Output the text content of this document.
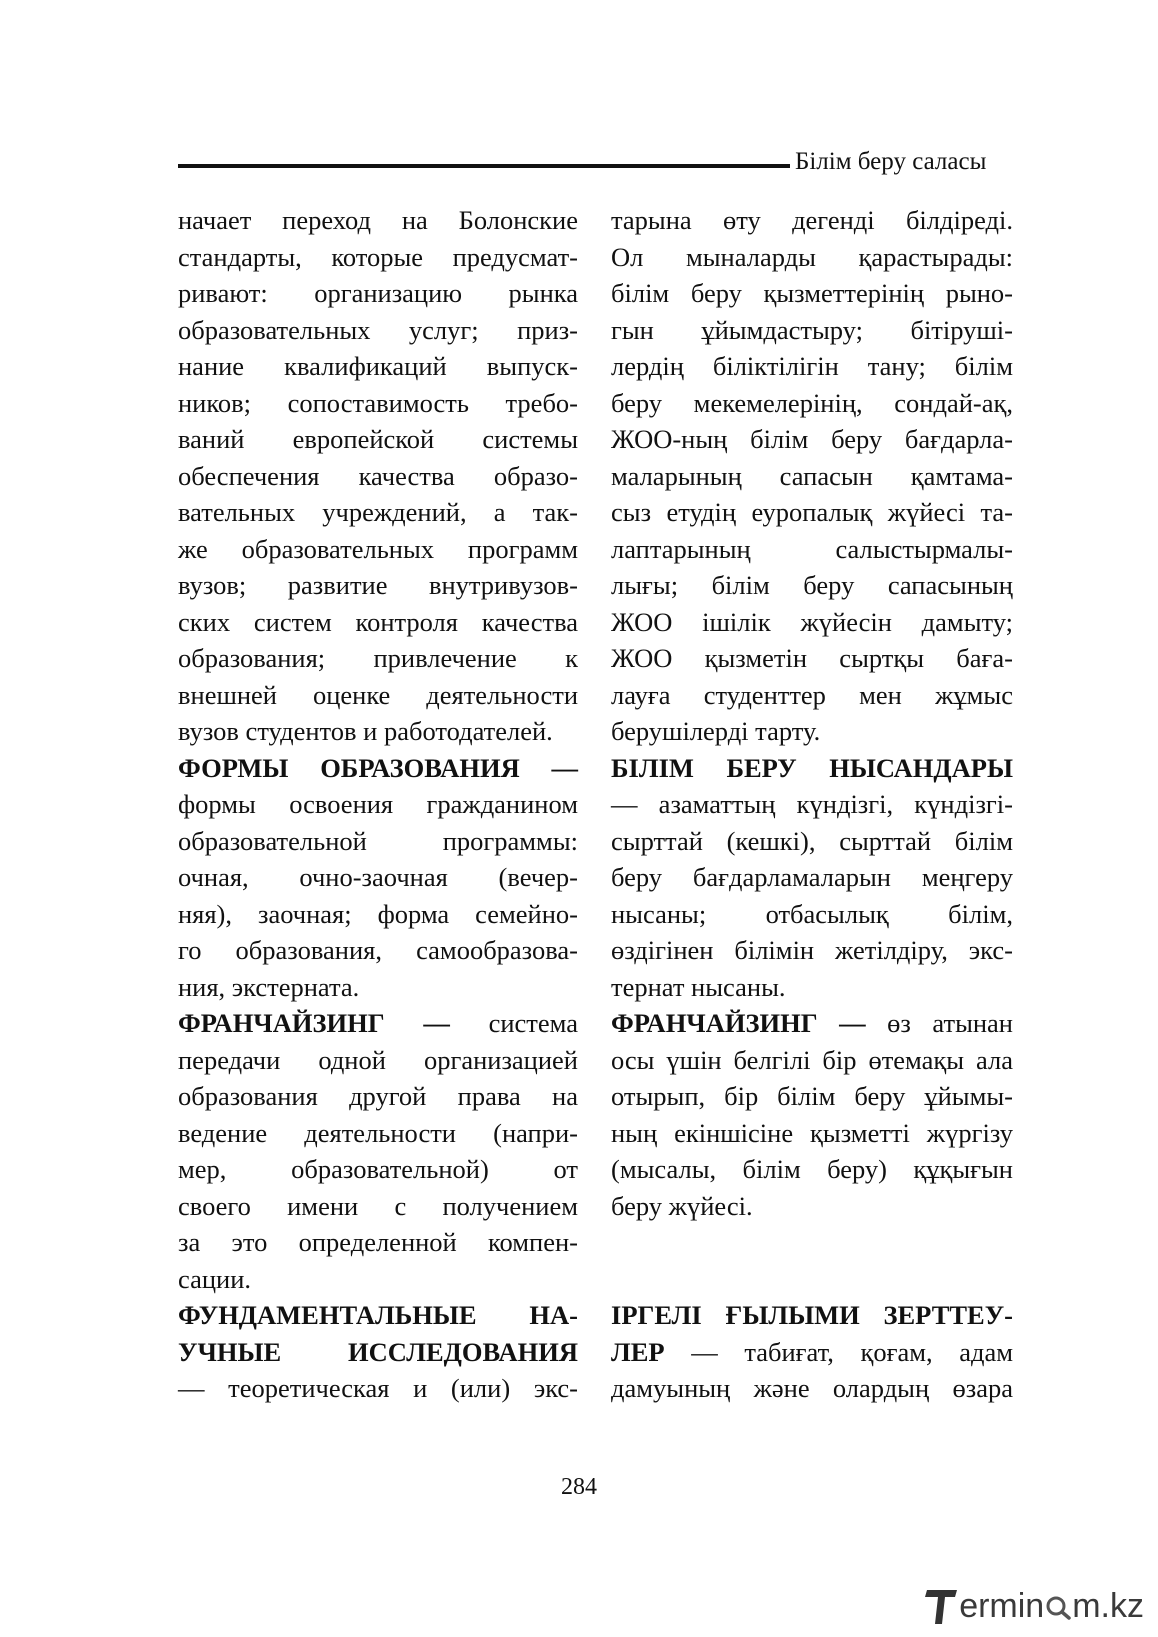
Білім беру саласы
начает переход на Болонские
стандарты, которые предусмат-
ривают: организацию рынка
образовательных услуг; приз-
нание квалификаций выпуск-
ников; сопоставимость требо-
ваний европейской системы
обеспечения качества образо-
вательных учреждений, а так-
же образовательных программ
вузов; развитие внутривузов-
ских систем контроля качества
образования; привлечение к
внешней оценке деятельности
вузов студентов и работодателей.
ФОРМЫ ОБРАЗОВАНИЯ —
формы освоения гражданином
образовательной программы:
очная, очно-заочная (вечер-
няя), заочная; форма семейно-
го образования, самообразова-
ния, экстерната.
ФРАНЧАЙЗИНГ — система
передачи одной организацией
образования другой права на
ведение деятельности (напри-
мер, образовательной) от
своего имени с получением
за это определенной компен-
сации.
ФУНДАМЕНТАЛЬНЫЕ НА-
УЧНЫЕ ИССЛЕДОВАНИЯ
— теоретическая и (или) экс-
тарына өту дегенді білдіреді.
Ол мыналарды қарастырады:
білім беру қызметтерінің рыно-
гын ұйымдастыру; бітіруші-
лердің біліктілігін тану; білім
беру мекемелерінің, сондай-ақ,
ЖОО-ның білім беру бағдарла-
маларының сапасын қамтама-
сыз етудің еуропалық жүйесі та-
лаптарының салыстырмалы-
лығы; білім беру сапасының
ЖОО ішілік жүйесін дамыту;
ЖОО қызметін сыртқы баға-
лауға студенттер мен жұмыс
берушілерді тарту.
БІЛІМ БЕРУ НЫСАНДАРЫ
— азаматтың күндізгі, күндізгі-
сырттай (кешкі), сырттай білім
беру бағдарламаларын меңгеру
нысаны; отбасылық білім,
өздігінен білімін жетілдіру, экс-
тернат нысаны.
ФРАНЧАЙЗИНГ — өз атынан
осы үшін белгілі бір өтемақы ала
отырып, бір білім беру ұйымы-
ның екіншісіне қызметті жүргізу
(мысалы, білім беру) құқығын
беру жүйесі.
ІРГЕЛІ ҒЫЛЫМИ ЗЕРТТЕУ-
ЛЕР — табиғат, қоғам, адам
дамуының және олардың өзара
284
ermin m.kz
